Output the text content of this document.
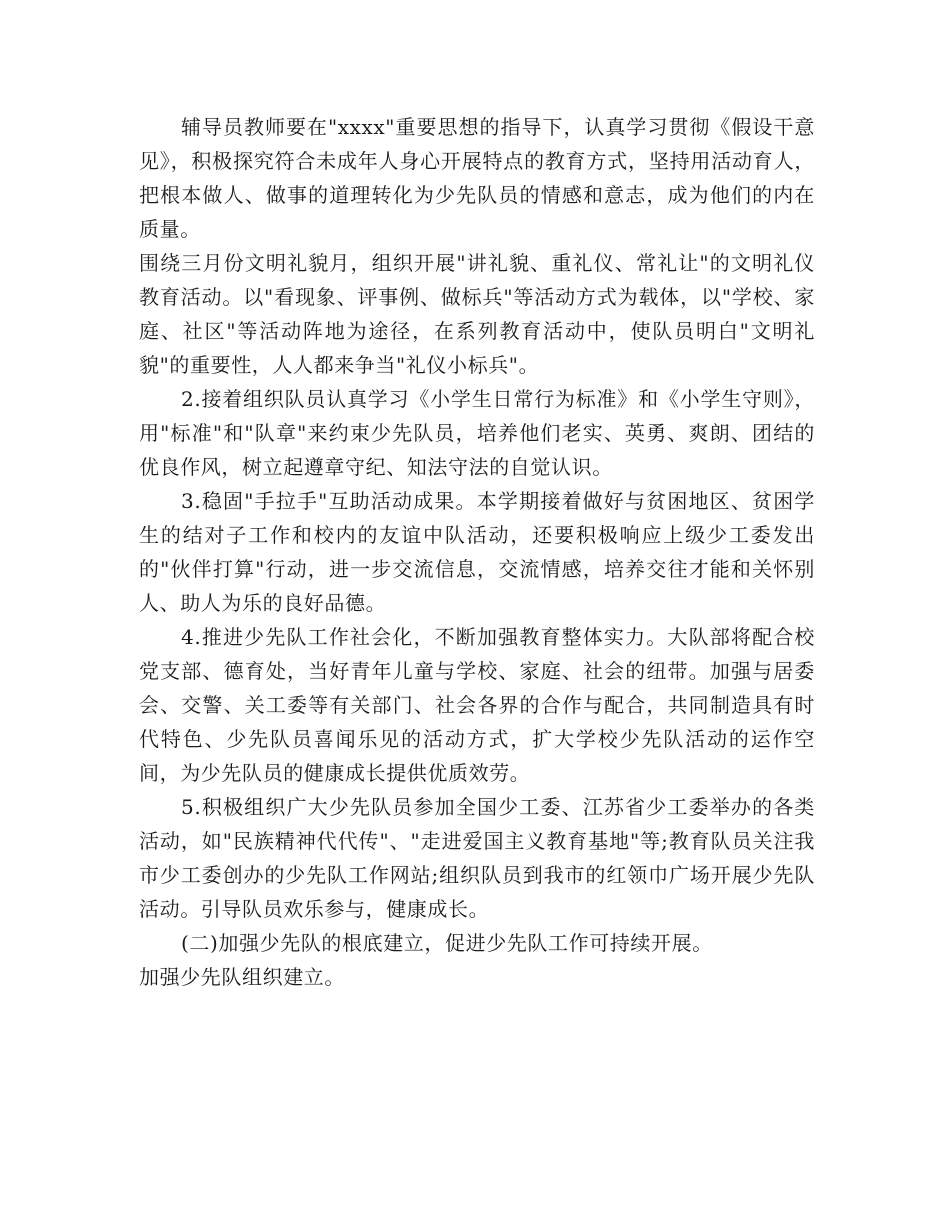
辅导员教师要在"xxxx"重要思想的指导下，认真学习贯彻《假设干意见》，积极探究符合未成年人身心开展特点的教育方式，坚持用活动育人，把根本做人、做事的道理转化为少先队员的情感和意志，成为他们的内在质量。

围绕三月份文明礼貌月，组织开展"讲礼貌、重礼仪、常礼让"的文明礼仪教育活动。以"看现象、评事例、做标兵"等活动方式为载体，以"学校、家庭、社区"等活动阵地为途径，在系列教育活动中，使队员明白"文明礼貌"的重要性，人人都来争当"礼仪小标兵"。

2.接着组织队员认真学习《小学生日常行为标准》和《小学生守则》，用"标准"和"队章"来约束少先队员，培养他们老实、英勇、爽朗、团结的优良作风，树立起遵章守纪、知法守法的自觉认识。

3.稳固"手拉手"互助活动成果。本学期接着做好与贫困地区、贫困学生的结对子工作和校内的友谊中队活动，还要积极响应上级少工委发出的"伙伴打算"行动，进一步交流信息，交流情感，培养交往才能和关怀别人、助人为乐的良好品德。

4.推进少先队工作社会化，不断加强教育整体实力。大队部将配合校党支部、德育处，当好青年儿童与学校、家庭、社会的纽带。加强与居委会、交警、关工委等有关部门、社会各界的合作与配合，共同制造具有时代特色、少先队员喜闻乐见的活动方式，扩大学校少先队活动的运作空间，为少先队员的健康成长提供优质效劳。

5.积极组织广大少先队员参加全国少工委、江苏省少工委举办的各类活动，如"民族精神代代传"、"走进爱国主义教育基地"等;教育队员关注我市少工委创办的少先队工作网站;组织队员到我市的红领巾广场开展少先队活动。引导队员欢乐参与，健康成长。

(二)加强少先队的根底建立，促进少先队工作可持续开展。

加强少先队组织建立。
